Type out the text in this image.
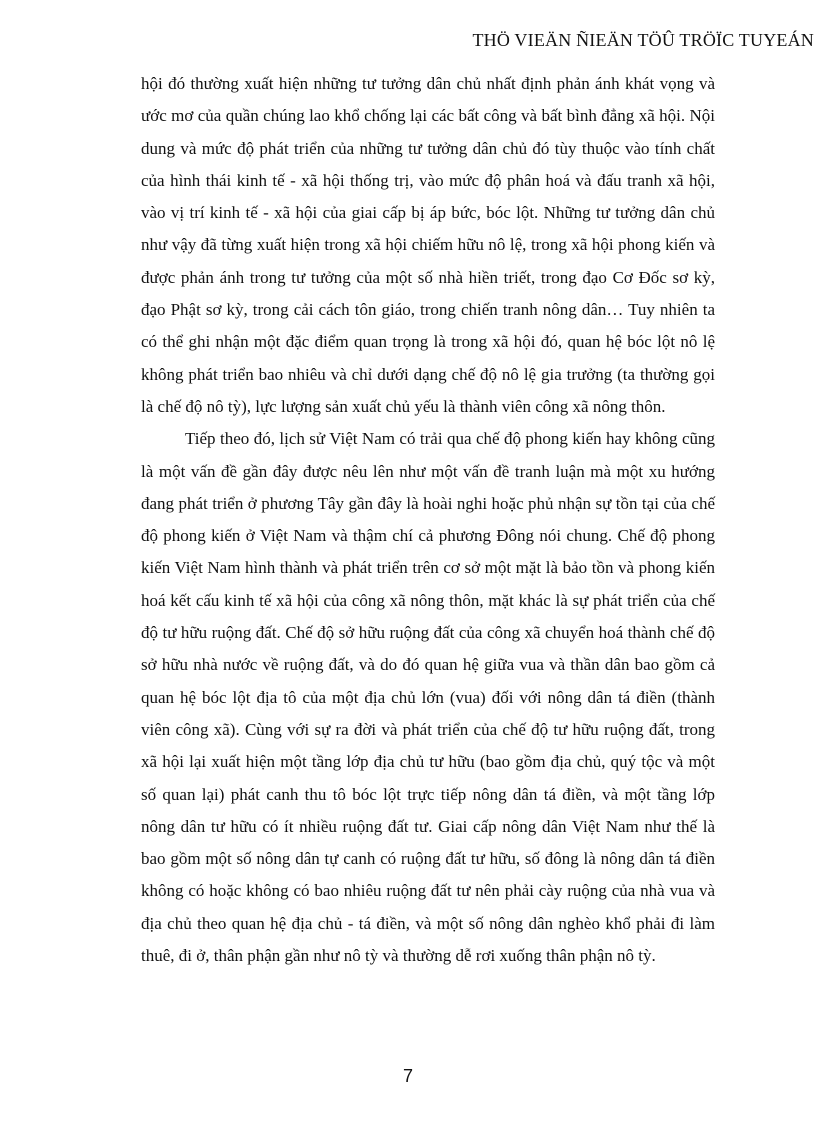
THÖ VIEÄN ÑIEÄN TÖÛ TRÖÏC TUYEÁN

hội đó thường xuất hiện những tư tưởng dân chủ nhất định phản ánh khát vọng và ước mơ của quần chúng lao khổ chống lại các bất công và bất bình đẳng xã hội. Nội dung và mức độ phát triển của những tư tưởng dân chủ đó tùy thuộc vào tính chất của hình thái kinh tế - xã hội thống trị, vào mức độ phân hoá và đấu tranh xã hội, vào vị trí kinh tế - xã hội của giai cấp bị áp bức, bóc lột. Những tư tưởng dân chủ như vậy đã từng xuất hiện trong xã hội chiếm hữu nô lệ, trong xã hội phong kiến và được phản ánh trong tư tưởng của một số nhà hiền triết, trong đạo Cơ Đốc sơ kỳ, đạo Phật sơ kỳ, trong cải cách tôn giáo, trong chiến tranh nông dân… Tuy nhiên ta có thể ghi nhận một đặc điểm quan trọng là trong xã hội đó, quan hệ bóc lột nô lệ không phát triển bao nhiêu và chỉ dưới dạng chế độ nô lệ gia trưởng (ta thường gọi là chế độ nô tỳ), lực lượng sản xuất chủ yếu là thành viên công xã nông thôn.

Tiếp theo đó, lịch sử Việt Nam có trải qua chế độ phong kiến hay không cũng là một vấn đề gần đây được nêu lên như một vấn đề tranh luận mà một xu hướng đang phát triển ở phương Tây gần đây là hoài nghi hoặc phủ nhận sự tồn tại của chế độ phong kiến ở Việt Nam và thậm chí cả phương Đông nói chung. Chế độ phong kiến Việt Nam hình thành và phát triển trên cơ sở một mặt là bảo tồn và phong kiến hoá kết cấu kinh tế xã hội của công xã nông thôn, mặt khác là sự phát triển của chế độ tư hữu ruộng đất. Chế độ sở hữu ruộng đất của công xã chuyển hoá thành chế độ sở hữu nhà nước về ruộng đất, và do đó quan hệ giữa vua và thần dân bao gồm cả quan hệ bóc lột địa tô của một địa chủ lớn (vua) đối với nông dân tá điền (thành viên công xã). Cùng với sự ra đời và phát triển của chế độ tư hữu ruộng đất, trong xã hội lại xuất hiện một tầng lớp địa chủ tư hữu (bao gồm địa chủ, quý tộc và một số quan lại) phát canh thu tô bóc lột trực tiếp nông dân tá điền, và một tầng lớp nông dân tư hữu có ít nhiều ruộng đất tư. Giai cấp nông dân Việt Nam như thế là bao gồm một số nông dân tự canh có ruộng đất tư hữu, số đông là nông dân tá điền không có hoặc không có bao nhiêu ruộng đất tư nên phải cày ruộng của nhà vua và địa chủ theo quan hệ địa chủ - tá điền, và một số nông dân nghèo khổ phải đi làm thuê, đi ở, thân phận gần như nô tỳ và thường dễ rơi xuống thân phận nô tỳ.

7
